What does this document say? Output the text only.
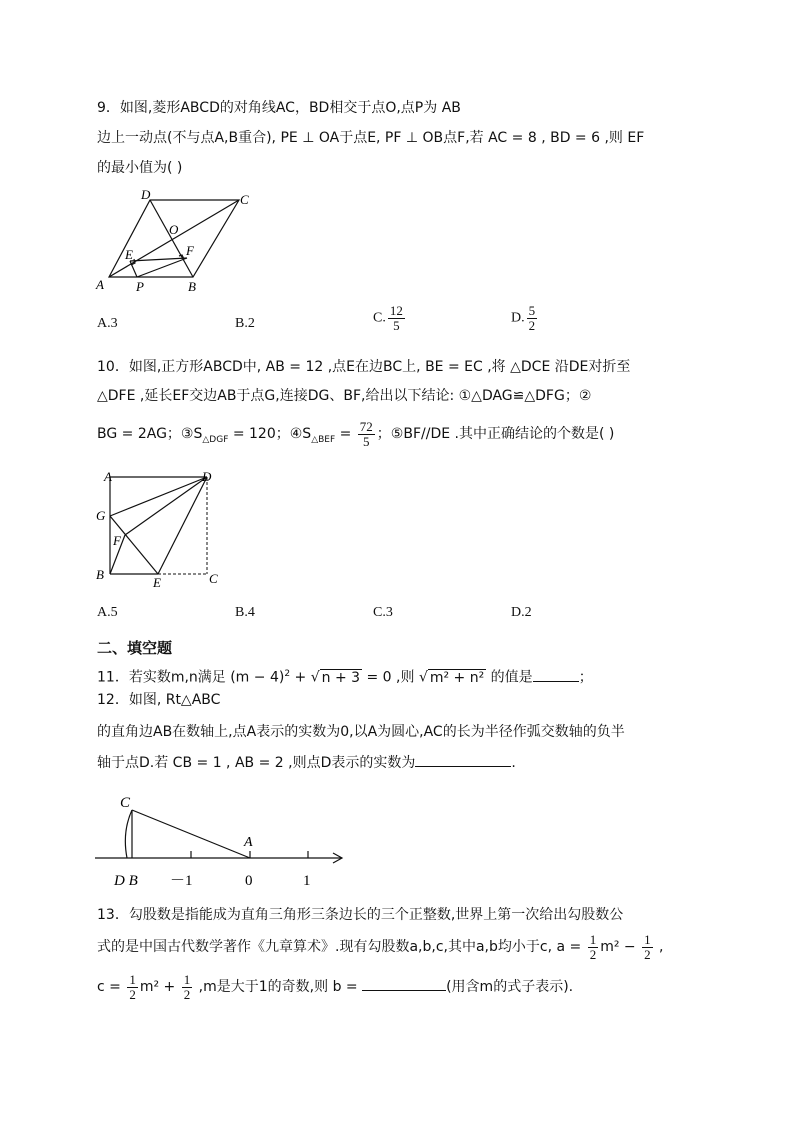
9．如图,菱形ABCD的对角线AC，BD相交于点O,点P为 AB
边上一动点(不与点A,B重合), PE ⊥ OA于点E, PF ⊥ OB点F,若 AC = 8 , BD = 6 ,则 EF
的最小值为( )
A	B
C
D
O
E	F
P
A.3	B.2	C. $\frac{12}{5}$	D. $\frac{5}{2}$
10．如图,正方形ABCD中, AB = 12 ,点E在边BC上, BE = EC ,将 △DCE 沿DE对折至
△DFE ,延长EF交边AB于点G,连接DG、BF,给出以下结论: ①△DAG≌△DFG；②
BG = 2AG；$③S_{\triangle DGF} = 120$；$④S_{\triangle BEF} = \frac{72}{5}$ ；⑤BF//DE .其中正确结论的个数是( )
A	D
G
F
B
E	C
A.5	B.4	C.3	D.2
二、填空题
11．若实数m,n满足 $(m - 4)^2$ + √ n + 3 = 0 ,则 √ m² + n² 的值是	；
12．如图, Rt△ABC
的直角边AB在数轴上,点A表示的实数为0,以A为圆心,AC的长为半径作弧交数轴的负半
轴于点D.若 CB = 1 , AB = 2 ,则点D表示的实数为	.
C
A
D B －1	0	1
13．勾股数是指能成为直角三角形三条边长的三个正整数,世界上第一次给出勾股数公
式的是中国古代数学著作《九章算术》.现有勾股数a,b,c,其中a,b均小于c, $a = \frac{1}{2} m^2 - \frac{1}{2}$ ,
$c = \frac{1}{2} m^2 + \frac{1}{2} ,m$是大于1的奇数,则 b =	(用含m的式子表示).
